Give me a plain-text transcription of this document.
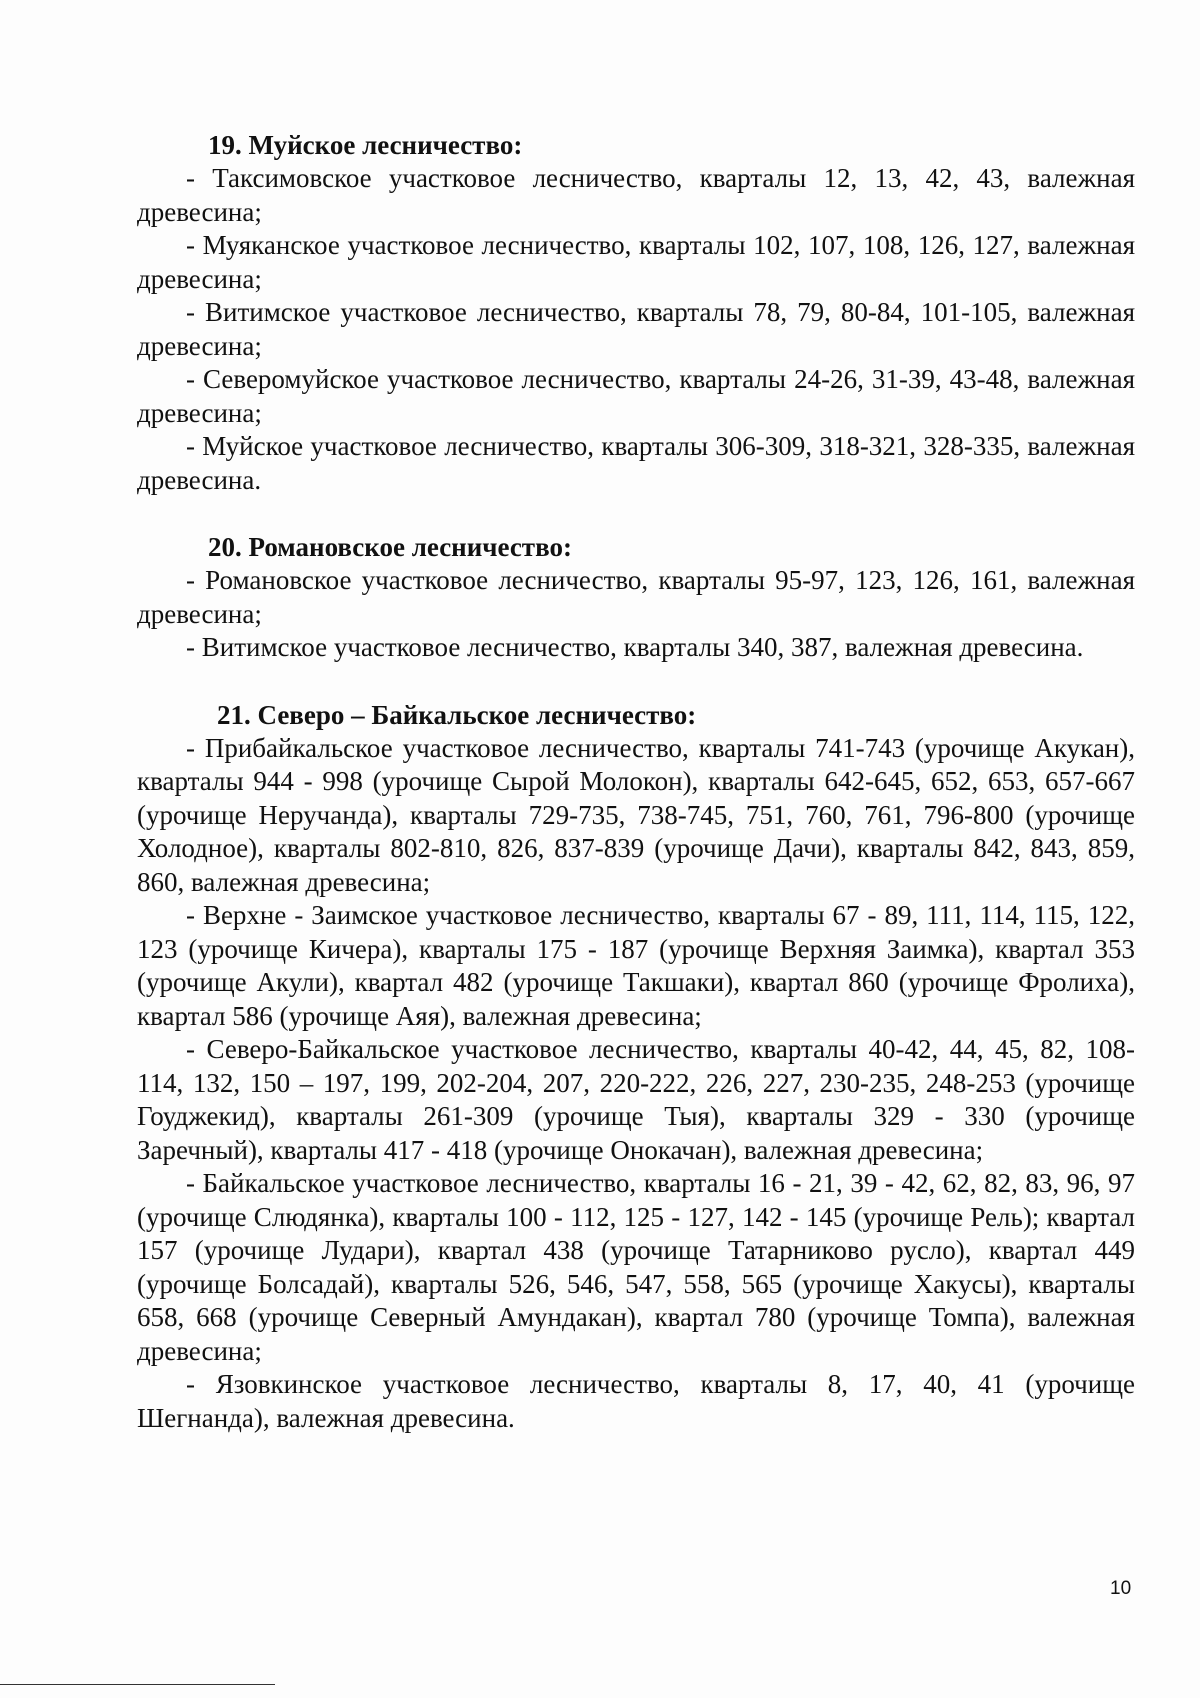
19. Муйское лесничество:

- Таксимовское участковое лесничество, кварталы 12, 13, 42, 43, валежная древесина;

- Муяканское участковое лесничество, кварталы 102, 107, 108, 126, 127, валежная древесина;

- Витимское участковое лесничество, кварталы 78, 79, 80-84, 101-105, валежная древесина;

- Северомуйское участковое лесничество, кварталы 24-26, 31-39, 43-48, валежная древесина;

- Муйское участковое лесничество, кварталы 306-309, 318-321, 328-335, валежная древесина.

20. Романовское лесничество:

- Романовское участковое лесничество, кварталы 95-97, 123, 126, 161, валежная древесина;

- Витимское участковое лесничество, кварталы 340, 387, валежная древесина.

21. Северо – Байкальское лесничество:

- Прибайкальское участковое лесничество, кварталы 741-743 (урочище Акукан), кварталы 944 - 998 (урочище Сырой Молокон), кварталы 642-645, 652, 653, 657-667 (урочище Неручанда), кварталы 729-735, 738-745, 751, 760, 761, 796-800 (урочище Холодное), кварталы 802-810, 826, 837-839 (урочище Дачи), кварталы 842, 843, 859, 860, валежная древесина;

- Верхне - Заимское участковое лесничество, кварталы 67 - 89, 111, 114, 115, 122, 123 (урочище Кичера), кварталы 175 - 187 (урочище Верхняя Заимка), квартал 353 (урочище Акули), квартал 482 (урочище Такшаки), квартал 860 (урочище Фролиха), квартал 586 (урочище Аяя), валежная древесина;

- Северо-Байкальское участковое лесничество, кварталы 40-42, 44, 45, 82, 108-114, 132, 150 – 197, 199, 202-204, 207, 220-222, 226, 227, 230-235, 248-253 (урочище Гоуджекид), кварталы 261-309 (урочище Тыя), кварталы 329 - 330 (урочище Заречный), кварталы 417 - 418 (урочище Онокачан), валежная древесина;

- Байкальское участковое лесничество, кварталы 16 - 21, 39 - 42, 62, 82, 83, 96, 97 (урочище Слюдянка), кварталы 100 - 112, 125 - 127, 142 - 145 (урочище Рель); квартал 157 (урочище Лудари), квартал 438 (урочище Татарниково русло), квартал 449 (урочище Болсадай), кварталы 526, 546, 547, 558, 565 (урочище Хакусы), кварталы 658, 668 (урочище Северный Амундакан), квартал 780 (урочище Томпа), валежная древесина;

- Язовкинское участковое лесничество, кварталы 8, 17, 40, 41 (урочище Шегнанда), валежная древесина.

10
